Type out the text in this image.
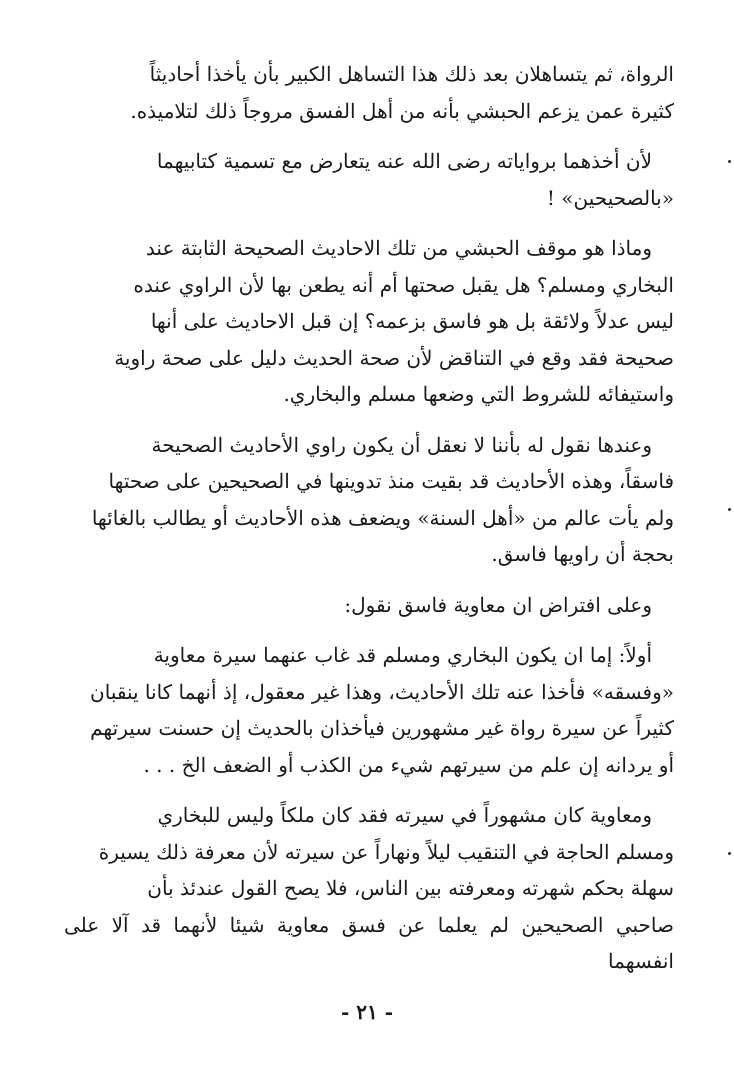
الرواة، ثم يتساهلان بعد ذلك هذا التساهل الكبير بأن يأخذا أحاديثاً
كثيرة عمن يزعم الحبشي بأنه من أهل الفسق مروجاً ذلك لتلاميذه.

لأن أخذهما برواياته رضى الله عنه يتعارض مع تسمية كتابيهما
«بالصحيحين» !

وماذا هو موقف الحبشي من تلك الاحاديث الصحيحة الثابتة عند
البخاري ومسلم؟ هل يقبل صحتها أم أنه يطعن بها لأن الراوي عنده
ليس عدلاً ولائقة بل هو فاسق بزعمه؟ إن قبل الاحاديث على أنها
صحيحة فقد وقع في التناقض لأن صحة الحديث دليل على صحة راوية
واستيفائه للشروط التي وضعها مسلم والبخاري.

وعندها نقول له بأننا لا نعقل أن يكون راوي الأحاديث الصحيحة
فاسقاً، وهذه الأحاديث قد بقيت منذ تدوينها في الصحيحين على صحتها
ولم يأت عالم من «أهل السنة» ويضعف هذه الأحاديث أو يطالب بالغائها
بحجة أن راويها فاسق.

وعلى افتراض ان معاوية فاسق نقول:

أولاً: إما ان يكون البخاري ومسلم قد غاب عنهما سيرة معاوية
«وفسقه» فأخذا عنه تلك الأحاديث، وهذا غير معقول، إذ أنهما كانا ينقبان
كثيراً عن سيرة رواة غير مشهورين فيأخذان بالحديث إن حسنت سيرتهم
أو يردانه إن علم من سيرتهم شيء من الكذب أو الضعف الخ . . .

ومعاوية كان مشهوراً في سيرته فقد كان ملكاً وليس للبخاري
ومسلم الحاجة في التنقيب ليلاً ونهاراً عن سيرته لأن معرفة ذلك يسيرة
سهلة بحكم شهرته ومعرفته بين الناس، فلا يصح القول عندئذ بأن
صاحبي الصحيحين لم يعلما عن فسق معاوية شيئا لأنهما قد آلا على انفسهما

- ٢١ -
